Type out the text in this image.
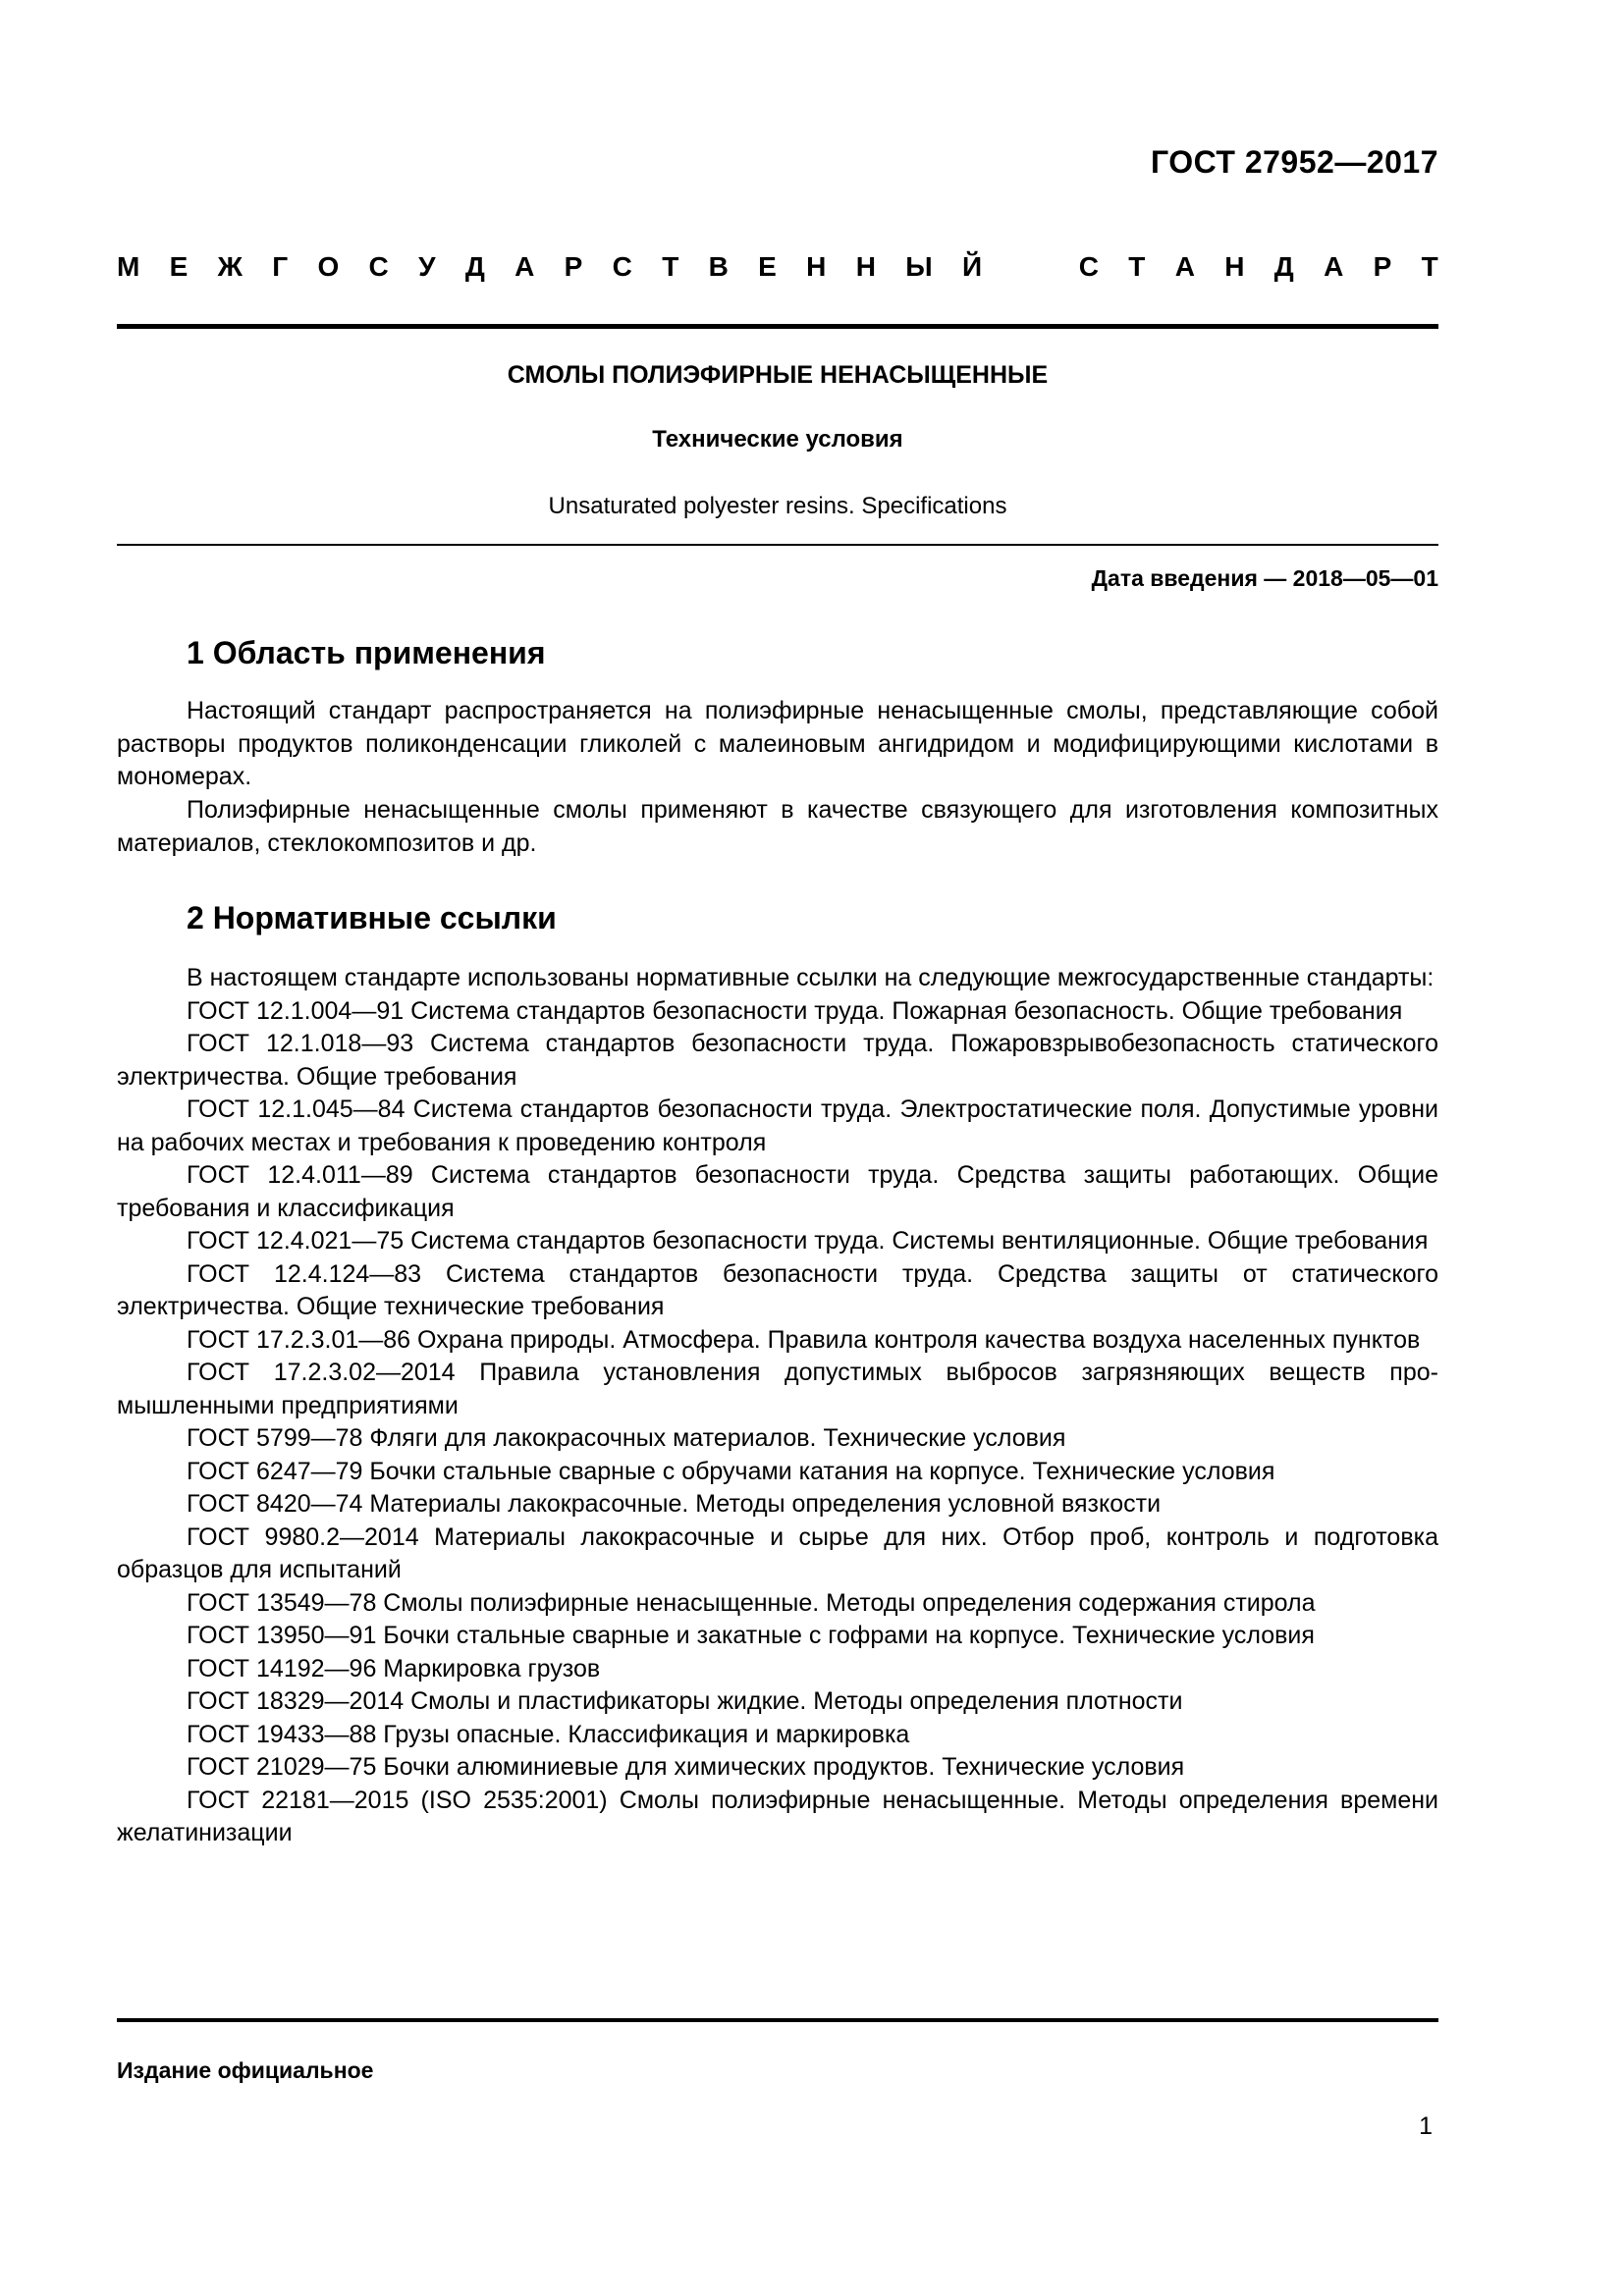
ГОСТ 27952—2017
М Е Ж Г О С У Д А Р С Т В Е Н Н Ы Й	С Т А Н Д А Р Т
СМОЛЫ ПОЛИЭФИРНЫЕ НЕНАСЫЩЕННЫЕ
Технические условия
Unsaturated polyester resins. Specifications
Дата введения — 2018—05—01
1 Область применения

Настоящий стандарт распространяется на полиэфирные ненасыщенные смолы, представляющие собой растворы продуктов поликонденсации гликолей с малеиновым ангидридом и модифицирующими кислотами в мономерах.

Полиэфирные ненасыщенные смолы применяют в качестве связующего для изготовления композитных материалов, стеклокомпозитов и др.

2 Нормативные ссылки
В настоящем стандарте использованы нормативные ссылки на следующие межгосударственные стандарты:
ГОСТ 12.1.004—91 Система стандартов безопасности труда. Пожарная безопасность. Общие требования
ГОСТ 12.1.018—93 Система стандартов безопасности труда. Пожаровзрывобезопасность статического электричества. Общие требования
ГОСТ 12.1.045—84 Система стандартов безопасности труда. Электростатические поля. Допустимые уровни на рабочих местах и требования к проведению контроля
ГОСТ 12.4.011—89 Система стандартов безопасности труда. Средства защиты работающих. Общие требования и классификация
ГОСТ 12.4.021—75 Система стандартов безопасности труда. Системы вентиляционные. Общие требования
ГОСТ 12.4.124—83 Система стандартов безопасности труда. Средства защиты от статического электричества. Общие технические требования
ГОСТ 17.2.3.01—86 Охрана природы. Атмосфера. Правила контроля качества воздуха населенных пунктов
ГОСТ 17.2.3.02—2014 Правила установления допустимых выбросов загрязняющих веществ промышленными предприятиями
ГОСТ 5799—78 Фляги для лакокрасочных материалов. Технические условия
ГОСТ 6247—79 Бочки стальные сварные с обручами катания на корпусе. Технические условия
ГОСТ 8420—74 Материалы лакокрасочные. Методы определения условной вязкости
ГОСТ 9980.2—2014 Материалы лакокрасочные и сырье для них. Отбор проб, контроль и подготовка образцов для испытаний
ГОСТ 13549—78 Смолы полиэфирные ненасыщенные. Методы определения содержания стирола
ГОСТ 13950—91 Бочки стальные сварные и закатные с гофрами на корпусе. Технические условия
ГОСТ 14192—96 Маркировка грузов
ГОСТ 18329—2014 Смолы и пластификаторы жидкие. Методы определения плотности
ГОСТ 19433—88 Грузы опасные. Классификация и маркировка
ГОСТ 21029—75 Бочки алюминиевые для химических продуктов. Технические условия
ГОСТ 22181—2015 (ISO 2535:2001) Смолы полиэфирные ненасыщенные. Методы определения времени желатинизации
Издание официальное
1
